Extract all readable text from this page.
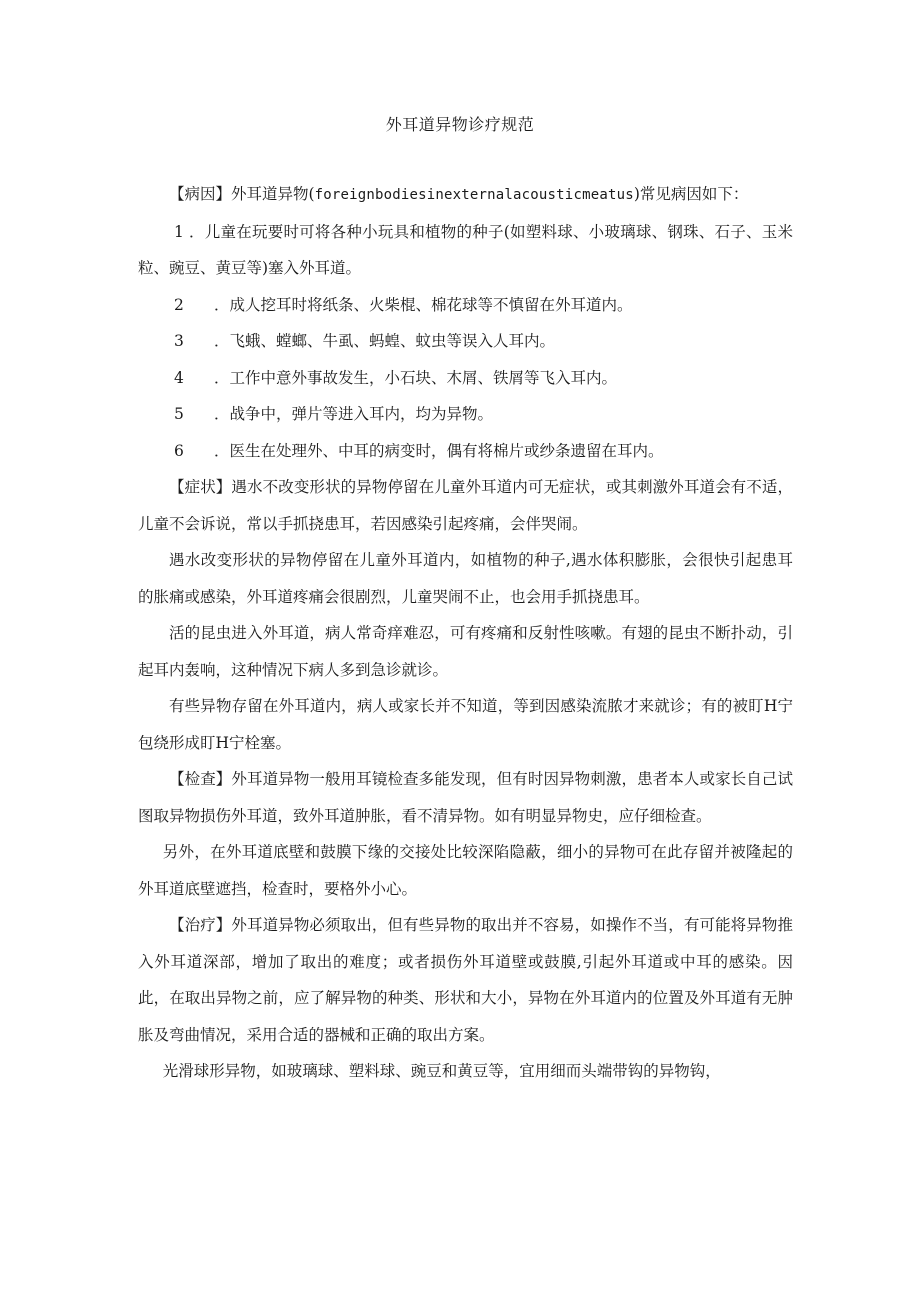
外耳道异物诊疗规范

【病因】外耳道异物(foreignbodiesinexternalacousticmeatus)常见病因如下：

1 ．儿童在玩要时可将各种小玩具和植物的种子(如塑料球、小玻璃球、钢珠、石子、玉米粒、豌豆、黄豆等)塞入外耳道。

2 ．成人挖耳时将纸条、火柴棍、棉花球等不慎留在外耳道内。

3 ．飞蛾、螳螂、牛虱、蚂蝗、蚊虫等误入人耳内。

4 ．工作中意外事故发生，小石块、木屑、铁屑等飞入耳内。

5 ．战争中，弹片等进入耳内，均为异物。

6 ．医生在处理外、中耳的病变时，偶有将棉片或纱条遗留在耳内。

【症状】遇水不改变形状的异物停留在儿童外耳道内可无症状，或其刺激外耳道会有不适，儿童不会诉说，常以手抓挠患耳，若因感染引起疼痛，会伴哭闹。

遇水改变形状的异物停留在儿童外耳道内，如植物的种子,遇水体积膨胀，会很快引起患耳的胀痛或感染，外耳道疼痛会很剧烈，儿童哭闹不止，也会用手抓挠患耳。

活的昆虫进入外耳道，病人常奇痒难忍，可有疼痛和反射性咳嗽。有翅的昆虫不断扑动，引起耳内轰响，这种情况下病人多到急诊就诊。

有些异物存留在外耳道内，病人或家长并不知道，等到因感染流脓才来就诊；有的被盯H宁包绕形成盯H宁栓塞。

【检查】外耳道异物一般用耳镜检查多能发现，但有时因异物刺激，患者本人或家长自己试图取异物损伤外耳道，致外耳道肿胀，看不清异物。如有明显异物史，应仔细检查。

另外，在外耳道底壁和鼓膜下缘的交接处比较深陷隐蔽，细小的异物可在此存留并被隆起的外耳道底壁遮挡，检查时，要格外小心。

【治疗】外耳道异物必须取出，但有些异物的取出并不容易，如操作不当，有可能将异物推入外耳道深部，增加了取出的难度；或者损伤外耳道壁或鼓膜,引起外耳道或中耳的感染。因此，在取出异物之前，应了解异物的种类、形状和大小，异物在外耳道内的位置及外耳道有无肿胀及弯曲情况，采用合适的器械和正确的取出方案。

光滑球形异物，如玻璃球、塑料球、豌豆和黄豆等，宜用细而头端带钩的异物钩，
